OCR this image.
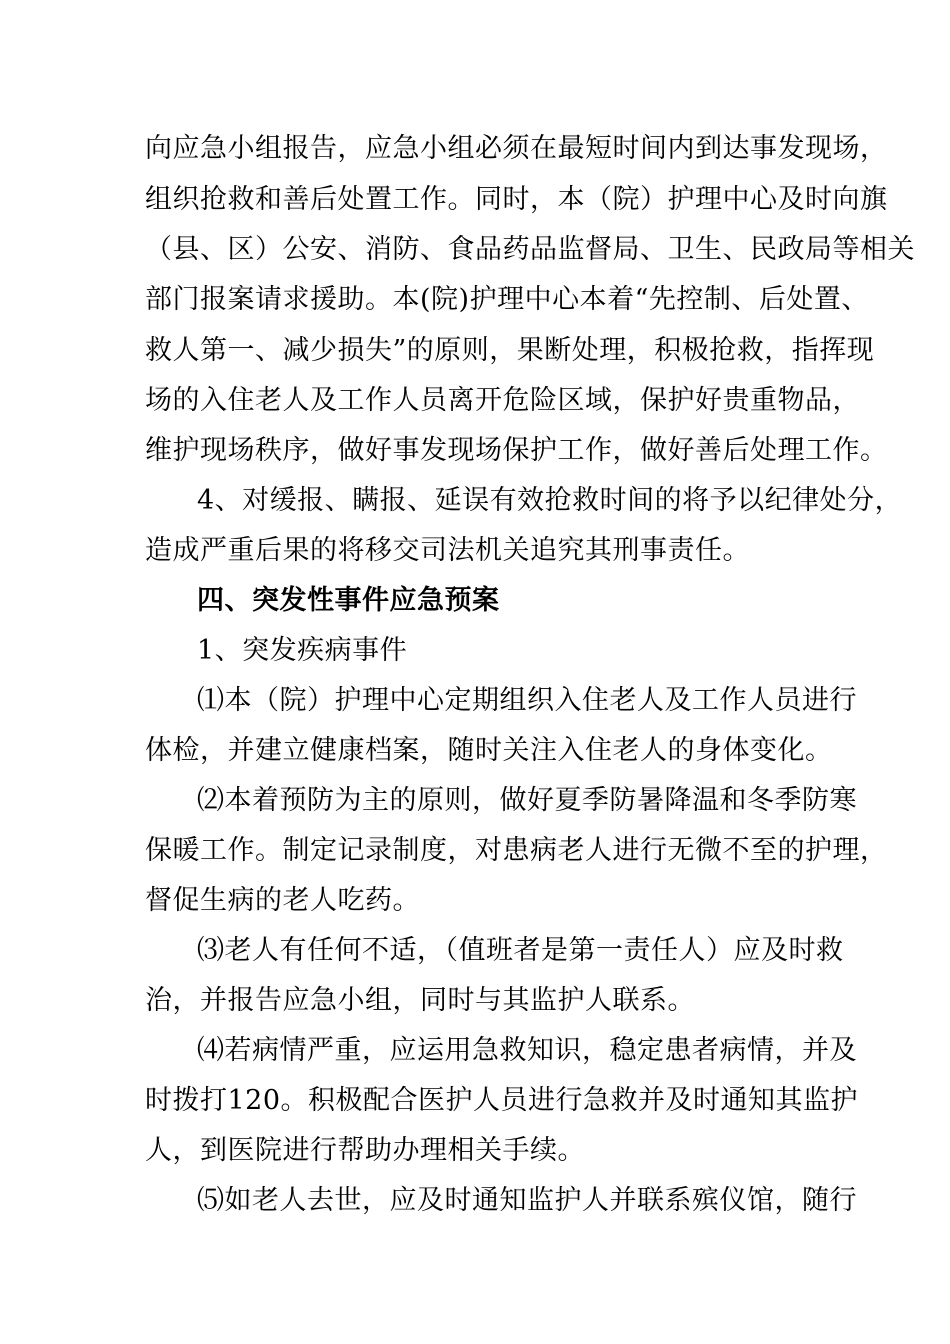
向应急小组报告，应急小组必须在最短时间内到达事发现场，
组织抢救和善后处置工作。同时，本（院）护理中心及时向旗
（县、区）公安、消防、食品药品监督局、卫生、民政局等相关
部门报案请求援助。本(院)护理中心本着“先控制、后处置、
救人第一、减少损失”的原则，果断处理，积极抢救，指挥现
场的入住老人及工作人员离开危险区域，保护好贵重物品，
维护现场秩序，做好事发现场保护工作，做好善后处理工作。
4、对缓报、瞒报、延误有效抢救时间的将予以纪律处分，
造成严重后果的将移交司法机关追究其刑事责任。
四、突发性事件应急预案
1、突发疾病事件
⑴本（院）护理中心定期组织入住老人及工作人员进行
体检，并建立健康档案，随时关注入住老人的身体变化。
⑵本着预防为主的原则，做好夏季防暑降温和冬季防寒
保暖工作。制定记录制度，对患病老人进行无微不至的护理，
督促生病的老人吃药。
⑶老人有任何不适，（值班者是第一责任人）应及时救
治，并报告应急小组，同时与其监护人联系。
⑷若病情严重，应运用急救知识，稳定患者病情，并及
时拨打120。积极配合医护人员进行急救并及时通知其监护
人，到医院进行帮助办理相关手续。
⑸如老人去世，应及时通知监护人并联系殡仪馆，随行
